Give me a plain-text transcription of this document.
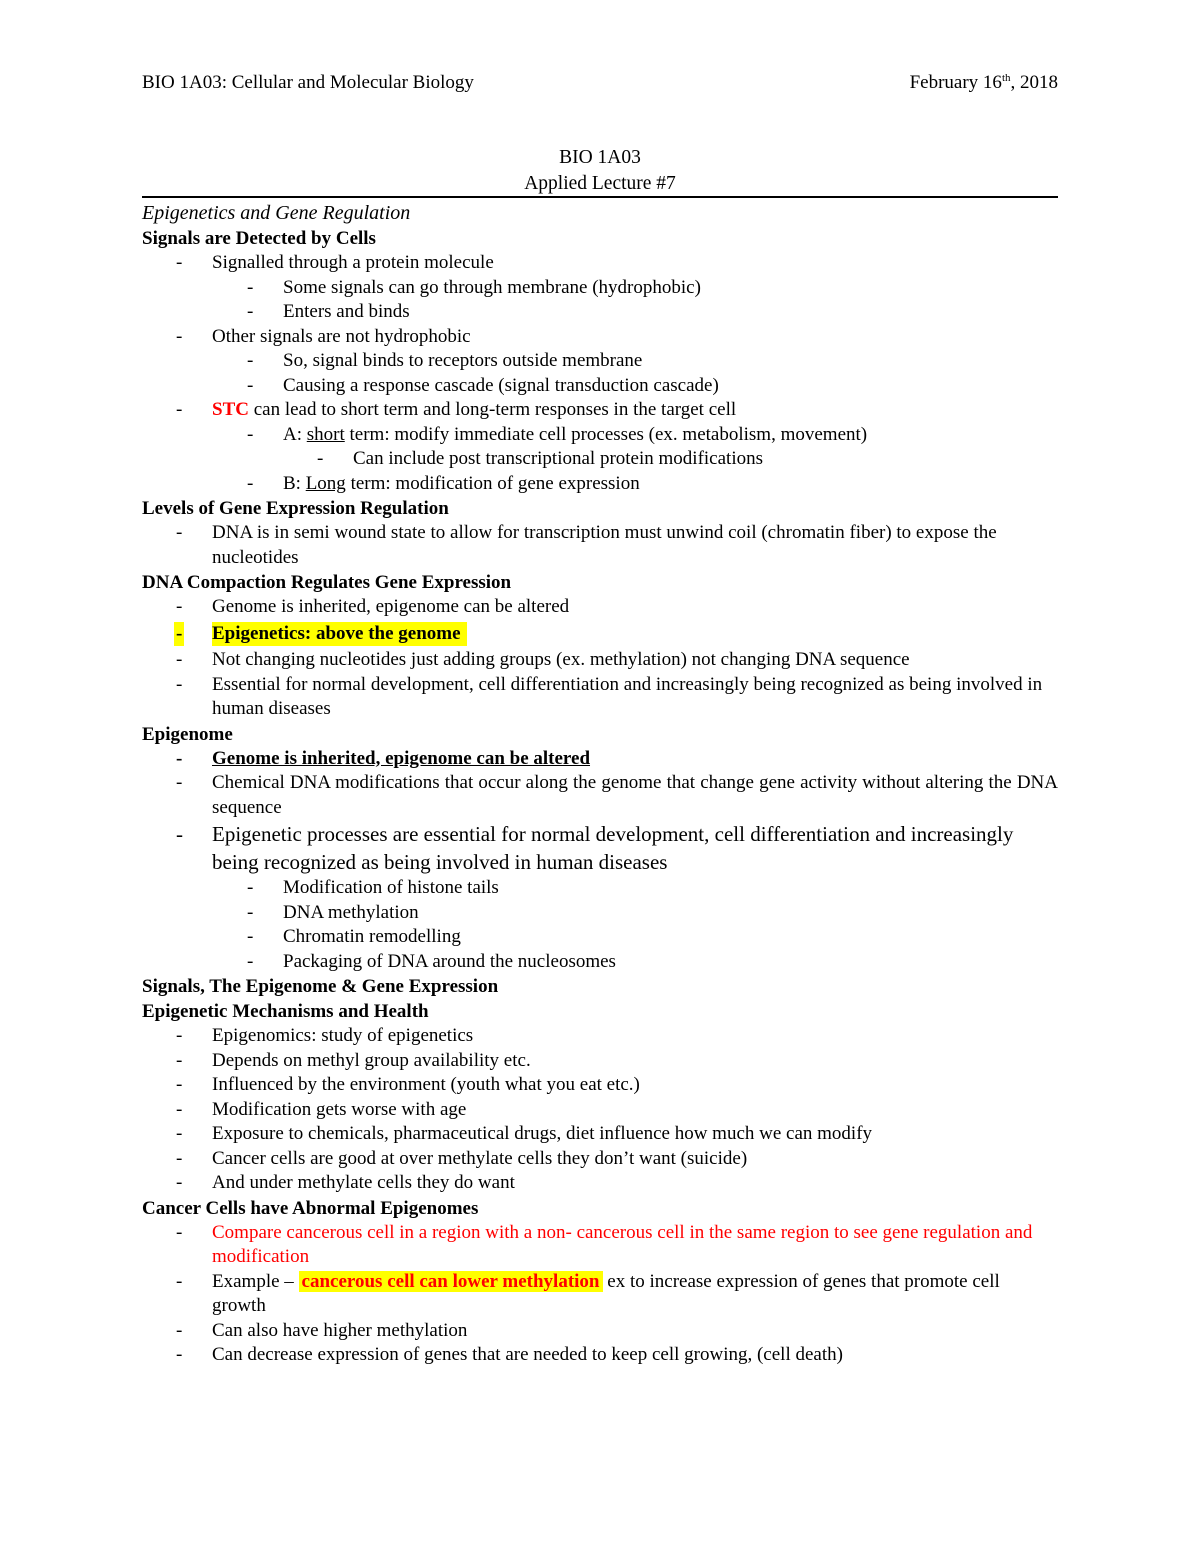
BIO 1A03: Cellular and Molecular Biology	February 16th, 2018
BIO 1A03
Applied Lecture #7
Epigenetics and Gene Regulation
Signals are Detected by Cells
- Signalled through a protein molecule
- Some signals can go through membrane (hydrophobic)
- Enters and binds
- Other signals are not hydrophobic
- So, signal binds to receptors outside membrane
- Causing a response cascade (signal transduction cascade)
- STC can lead to short term and long-term responses in the target cell
- A: short term: modify immediate cell processes (ex. metabolism, movement)
- Can include post transcriptional protein modifications
- B: Long term: modification of gene expression
Levels of Gene Expression Regulation
- DNA is in semi wound state to allow for transcription must unwind coil (chromatin fiber) to expose the nucleotides
DNA Compaction Regulates Gene Expression
- Genome is inherited, epigenome can be altered
- Epigenetics: above the genome
- Not changing nucleotides just adding groups (ex. methylation) not changing DNA sequence
- Essential for normal development, cell differentiation and increasingly being recognized as being involved in human diseases
Epigenome
- Genome is inherited, epigenome can be altered
- Chemical DNA modifications that occur along the genome that change gene activity without altering the DNA sequence
- Epigenetic processes are essential for normal development, cell differentiation and increasingly being recognized as being involved in human diseases
- Modification of histone tails
- DNA methylation
- Chromatin remodelling
- Packaging of DNA around the nucleosomes
Signals, The Epigenome & Gene Expression
Epigenetic Mechanisms and Health
- Epigenomics: study of epigenetics
- Depends on methyl group availability etc.
- Influenced by the environment (youth what you eat etc.)
- Modification gets worse with age
- Exposure to chemicals, pharmaceutical drugs, diet influence how much we can modify
- Cancer cells are good at over methylate cells they don’t want (suicide)
- And under methylate cells they do want
Cancer Cells have Abnormal Epigenomes
- Compare cancerous cell in a region with a non- cancerous cell in the same region to see gene regulation and modification
- Example – cancerous cell can lower methylation ex to increase expression of genes that promote cell growth
- Can also have higher methylation
- Can decrease expression of genes that are needed to keep cell growing, (cell death)
